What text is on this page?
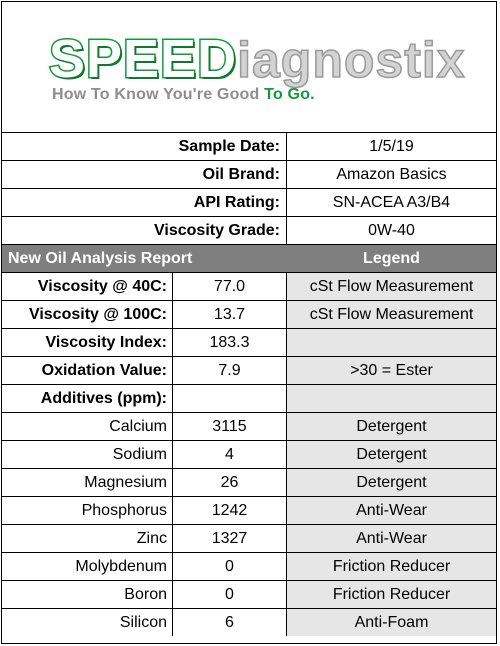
SPEEDiagnostix
How To Know You're Good To Go.
Sample Date:	1/5/19
Oil Brand:	Amazon Basics
API Rating:	SN-ACEA A3/B4
Viscosity Grade:	0W-40
New Oil Analysis Report	Legend
Viscosity @ 40C:	77.0	cSt Flow Measurement
Viscosity @ 100C:	13.7	cSt Flow Measurement
Viscosity Index:	183.3
Oxidation Value:	7.9	>30 = Ester
Additives (ppm):
Calcium	3115	Detergent
Sodium	4	Detergent
Magnesium	26	Detergent
Phosphorus	1242	Anti-Wear
Zinc	1327	Anti-Wear
Molybdenum	0	Friction Reducer
Boron	0	Friction Reducer
Silicon	6	Anti-Foam
